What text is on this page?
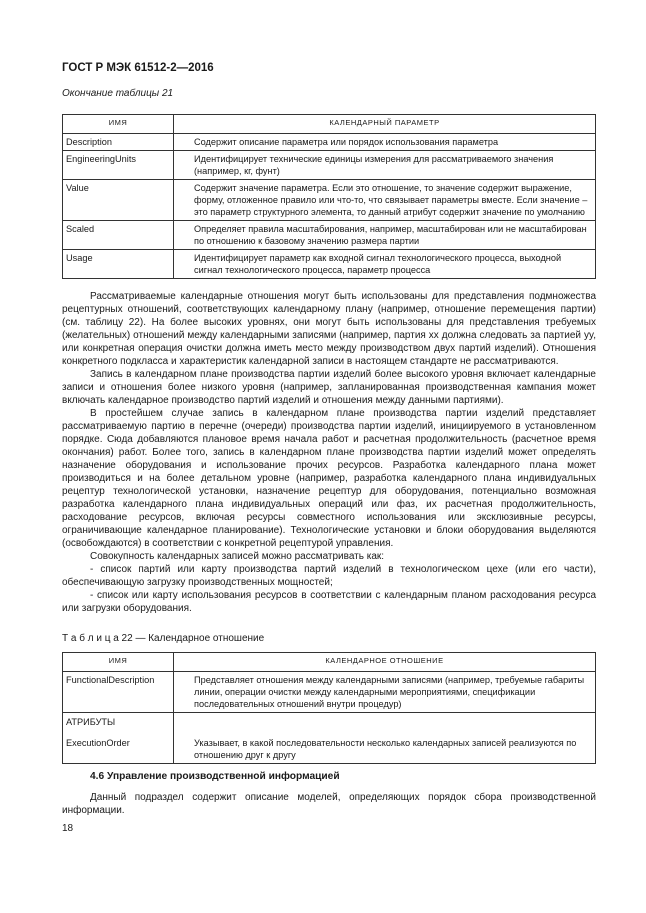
ГОСТ Р МЭК 61512-2—2016
Окончание таблицы 21
ИМЯ	КАЛЕНДАРНЫЙ ПАРАМЕТР
Description	Содержит описание параметра или порядок использования параметра

EngineeringUnits	Идентифицирует технические единицы измерения для рассматриваемого значения (например, кг, фунт)

Value	Содержит значение параметра. Если это отношение, то значение содержит выражение, форму, отложенное правило или что-то, что связывает параметры вместе. Если значение – это параметр структурного элемента, то данный атрибут содержит значение по умолчанию

Scaled	Определяет правила масштабирования, например, масштабирован или не масштабирован по отношению к базовому значению размера партии

Usage	Идентифицирует параметр как входной сигнал технологического процесса, выходной сигнал технологического процесса, параметр процесса

Рассматриваемые календарные отношения могут быть использованы для представления подмножества рецептурных отношений, соответствующих календарному плану (например, отношение перемещения партии) (см. таблицу 22). На более высоких уровнях, они могут быть использованы для представления требуемых (желательных) отношений между календарными записями (например, партия xx должна следовать за партией yy, или конкретная операция очистки должна иметь место между производством двух партий изделий). Отношения конкретного подкласса и характеристик календарной записи в настоящем стандарте не рассматриваются.

Запись в календарном плане производства партии изделий более высокого уровня включает календарные записи и отношения более низкого уровня (например, запланированная производственная кампания может включать календарное производство партий изделий и отношения между данными партиями).

В простейшем случае запись в календарном плане производства партии изделий представляет рассматриваемую партию в перечне (очереди) производства партии изделий, инициируемого в установленном порядке. Сюда добавляются плановое время начала работ и расчетная продолжительность (расчетное время окончания) работ. Более того, запись в календарном плане производства партии изделий может определять назначение оборудования и использование прочих ресурсов. Разработка календарного плана может производиться и на более детальном уровне (например, разработка календарного плана индивидуальных рецептур технологической установки, назначение рецептур для оборудования, потенциально возможная разработка календарного плана индивидуальных операций или фаз, их расчетная продолжительность, расходование ресурсов, включая ресурсы совместного использования или эксклюзивные ресурсы, ограничивающие календарное планирование). Технологические установки и блоки оборудования выделяются (освобождаются) в соответствии с конкретной рецептурой управления.

Совокупность календарных записей можно рассматривать как:

- список партий или карту производства партий изделий в технологическом цехе (или его части), обеспечивающую загрузку производственных мощностей;

- список или карту использования ресурсов в соответствии с календарным планом расходования ресурса или загрузки оборудования.

Т а б л и ц а 22 — Календарное отношение
ИМЯ	КАЛЕНДАРНОЕ ОТНОШЕНИЕ
FunctionalDescription	Представляет отношения между календарными записями (например, требуемые габариты линии, операции очистки между календарными мероприятиями, спецификации последовательных отношений внутри процедур)

АТРИБУТЫ
ExecutionOrder	Указывает, в какой последовательности несколько календарных записей реализуются по отношению друг к другу
4.6 Управление производственной информацией

Данный подраздел содержит описание моделей, определяющих порядок сбора производственной информации.

18
